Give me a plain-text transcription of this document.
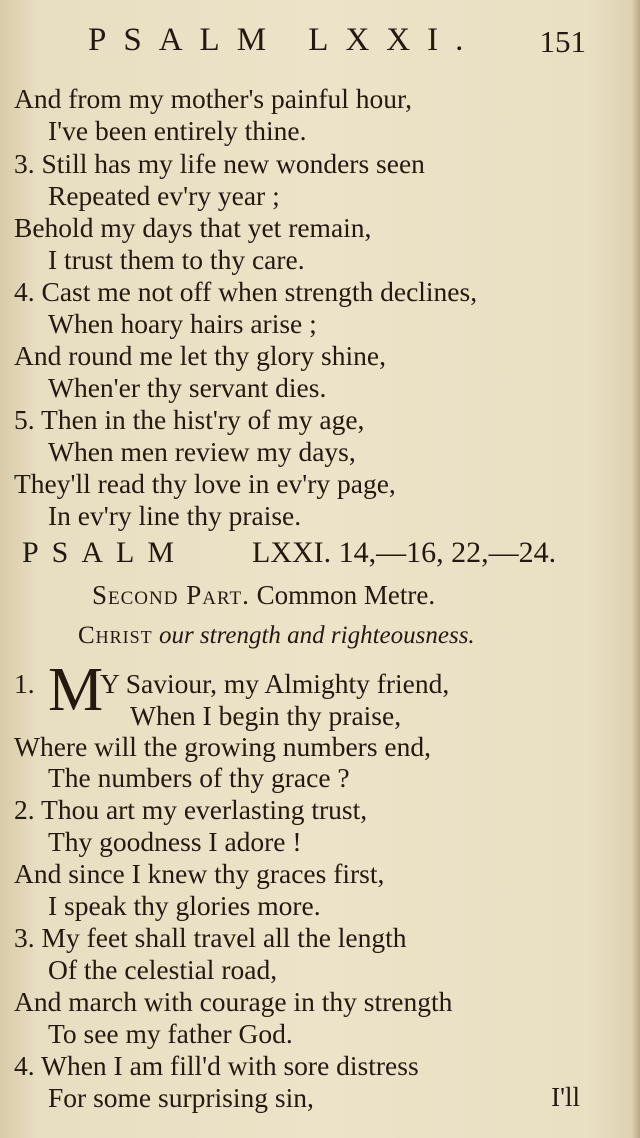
PSALM LXXI. 151
And from my mother's painful hour,
I've been entirely thine.
3. Still has my life new wonders seen
Repeated ev'ry year ;
Behold my days that yet remain,
I trust them to thy care.
4. Cast me not off when strength declines,
When hoary hairs arise ;
And round me let thy glory shine,
When'er thy servant dies.
5. Then in the hist'ry of my age,
When men review my days,
They'll read thy love in ev'ry page,
In ev'ry line thy praise.
PSALM LXXI. 14,—16, 22,—24.
Second Part. Common Metre.
Christ our strength and righteousness.
1. M
Y Saviour, my Almighty friend,
When I begin thy praise,
Where will the growing numbers end,
The numbers of thy grace ?
2. Thou art my everlasting trust,
Thy goodness I adore !
And since I knew thy graces first,
I speak thy glories more.
3. My feet shall travel all the length
Of the celestial road,
And march with courage in thy strength
To see my father God.
4. When I am fill'd with sore distress
For some surprising sin,	I'll
